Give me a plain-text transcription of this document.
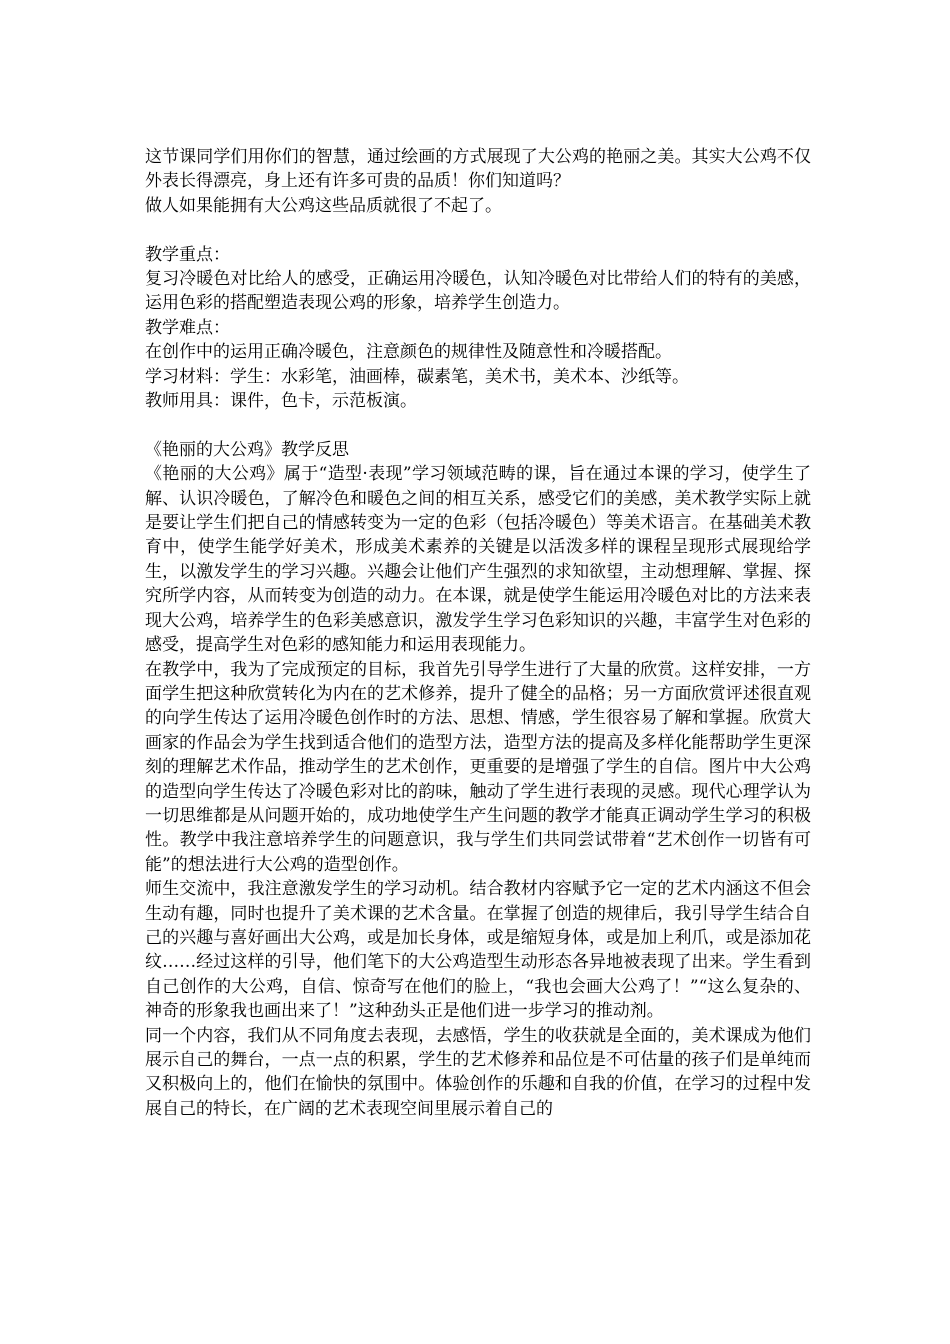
这节课同学们用你们的智慧，通过绘画的方式展现了大公鸡的艳丽之美。其实大公鸡不仅外表长得漂亮，身上还有许多可贵的品质！你们知道吗？

做人如果能拥有大公鸡这些品质就很了不起了。

教学重点：

复习冷暖色对比给人的感受，正确运用冷暖色，认知冷暖色对比带给人们的特有的美感，运用色彩的搭配塑造表现公鸡的形象，培养学生创造力。

教学难点：

在创作中的运用正确冷暖色，注意颜色的规律性及随意性和冷暖搭配。

学习材料：学生：水彩笔，油画棒，碳素笔，美术书，美术本、沙纸等。

教师用具：课件，色卡，示范板演。

《艳丽的大公鸡》教学反思

《艳丽的大公鸡》属于“造型·表现”学习领域范畴的课，旨在通过本课的学习，使学生了解、认识冷暖色，了解冷色和暖色之间的相互关系，感受它们的美感，美术教学实际上就是要让学生们把自己的情感转变为一定的色彩（包括冷暖色）等美术语言。在基础美术教育中，使学生能学好美术，形成美术素养的关键是以活泼多样的课程呈现形式展现给学生，以激发学生的学习兴趣。兴趣会让他们产生强烈的求知欲望，主动想理解、掌握、探究所学内容，从而转变为创造的动力。在本课，就是使学生能运用冷暖色对比的方法来表现大公鸡，培养学生的色彩美感意识，激发学生学习色彩知识的兴趣，丰富学生对色彩的感受，提高学生对色彩的感知能力和运用表现能力。

在教学中，我为了完成预定的目标，我首先引导学生进行了大量的欣赏。这样安排，一方面学生把这种欣赏转化为内在的艺术修养，提升了健全的品格；另一方面欣赏评述很直观的向学生传达了运用冷暖色创作时的方法、思想、情感，学生很容易了解和掌握。欣赏大画家的作品会为学生找到适合他们的造型方法，造型方法的提高及多样化能帮助学生更深刻的理解艺术作品，推动学生的艺术创作，更重要的是增强了学生的自信。图片中大公鸡的造型向学生传达了冷暖色彩对比的韵味，触动了学生进行表现的灵感。现代心理学认为一切思维都是从问题开始的，成功地使学生产生问题的教学才能真正调动学生学习的积极性。教学中我注意培养学生的问题意识，我与学生们共同尝试带着“艺术创作一切皆有可能”的想法进行大公鸡的造型创作。

师生交流中，我注意激发学生的学习动机。结合教材内容赋予它一定的艺术内涵这不但会生动有趣，同时也提升了美术课的艺术含量。在掌握了创造的规律后，我引导学生结合自己的兴趣与喜好画出大公鸡，或是加长身体，或是缩短身体，或是加上利爪，或是添加花纹……经过这样的引导，他们笔下的大公鸡造型生动形态各异地被表现了出来。学生看到自己创作的大公鸡，自信、惊奇写在他们的脸上，“我也会画大公鸡了！”“这么复杂的、神奇的形象我也画出来了！”这种劲头正是他们进一步学习的推动剂。

同一个内容，我们从不同角度去表现，去感悟，学生的收获就是全面的，美术课成为他们展示自己的舞台，一点一点的积累，学生的艺术修养和品位是不可估量的孩子们是单纯而又积极向上的，他们在愉快的氛围中。体验创作的乐趣和自我的价值，在学习的过程中发展自己的特长，在广阔的艺术表现空间里展示着自己的
